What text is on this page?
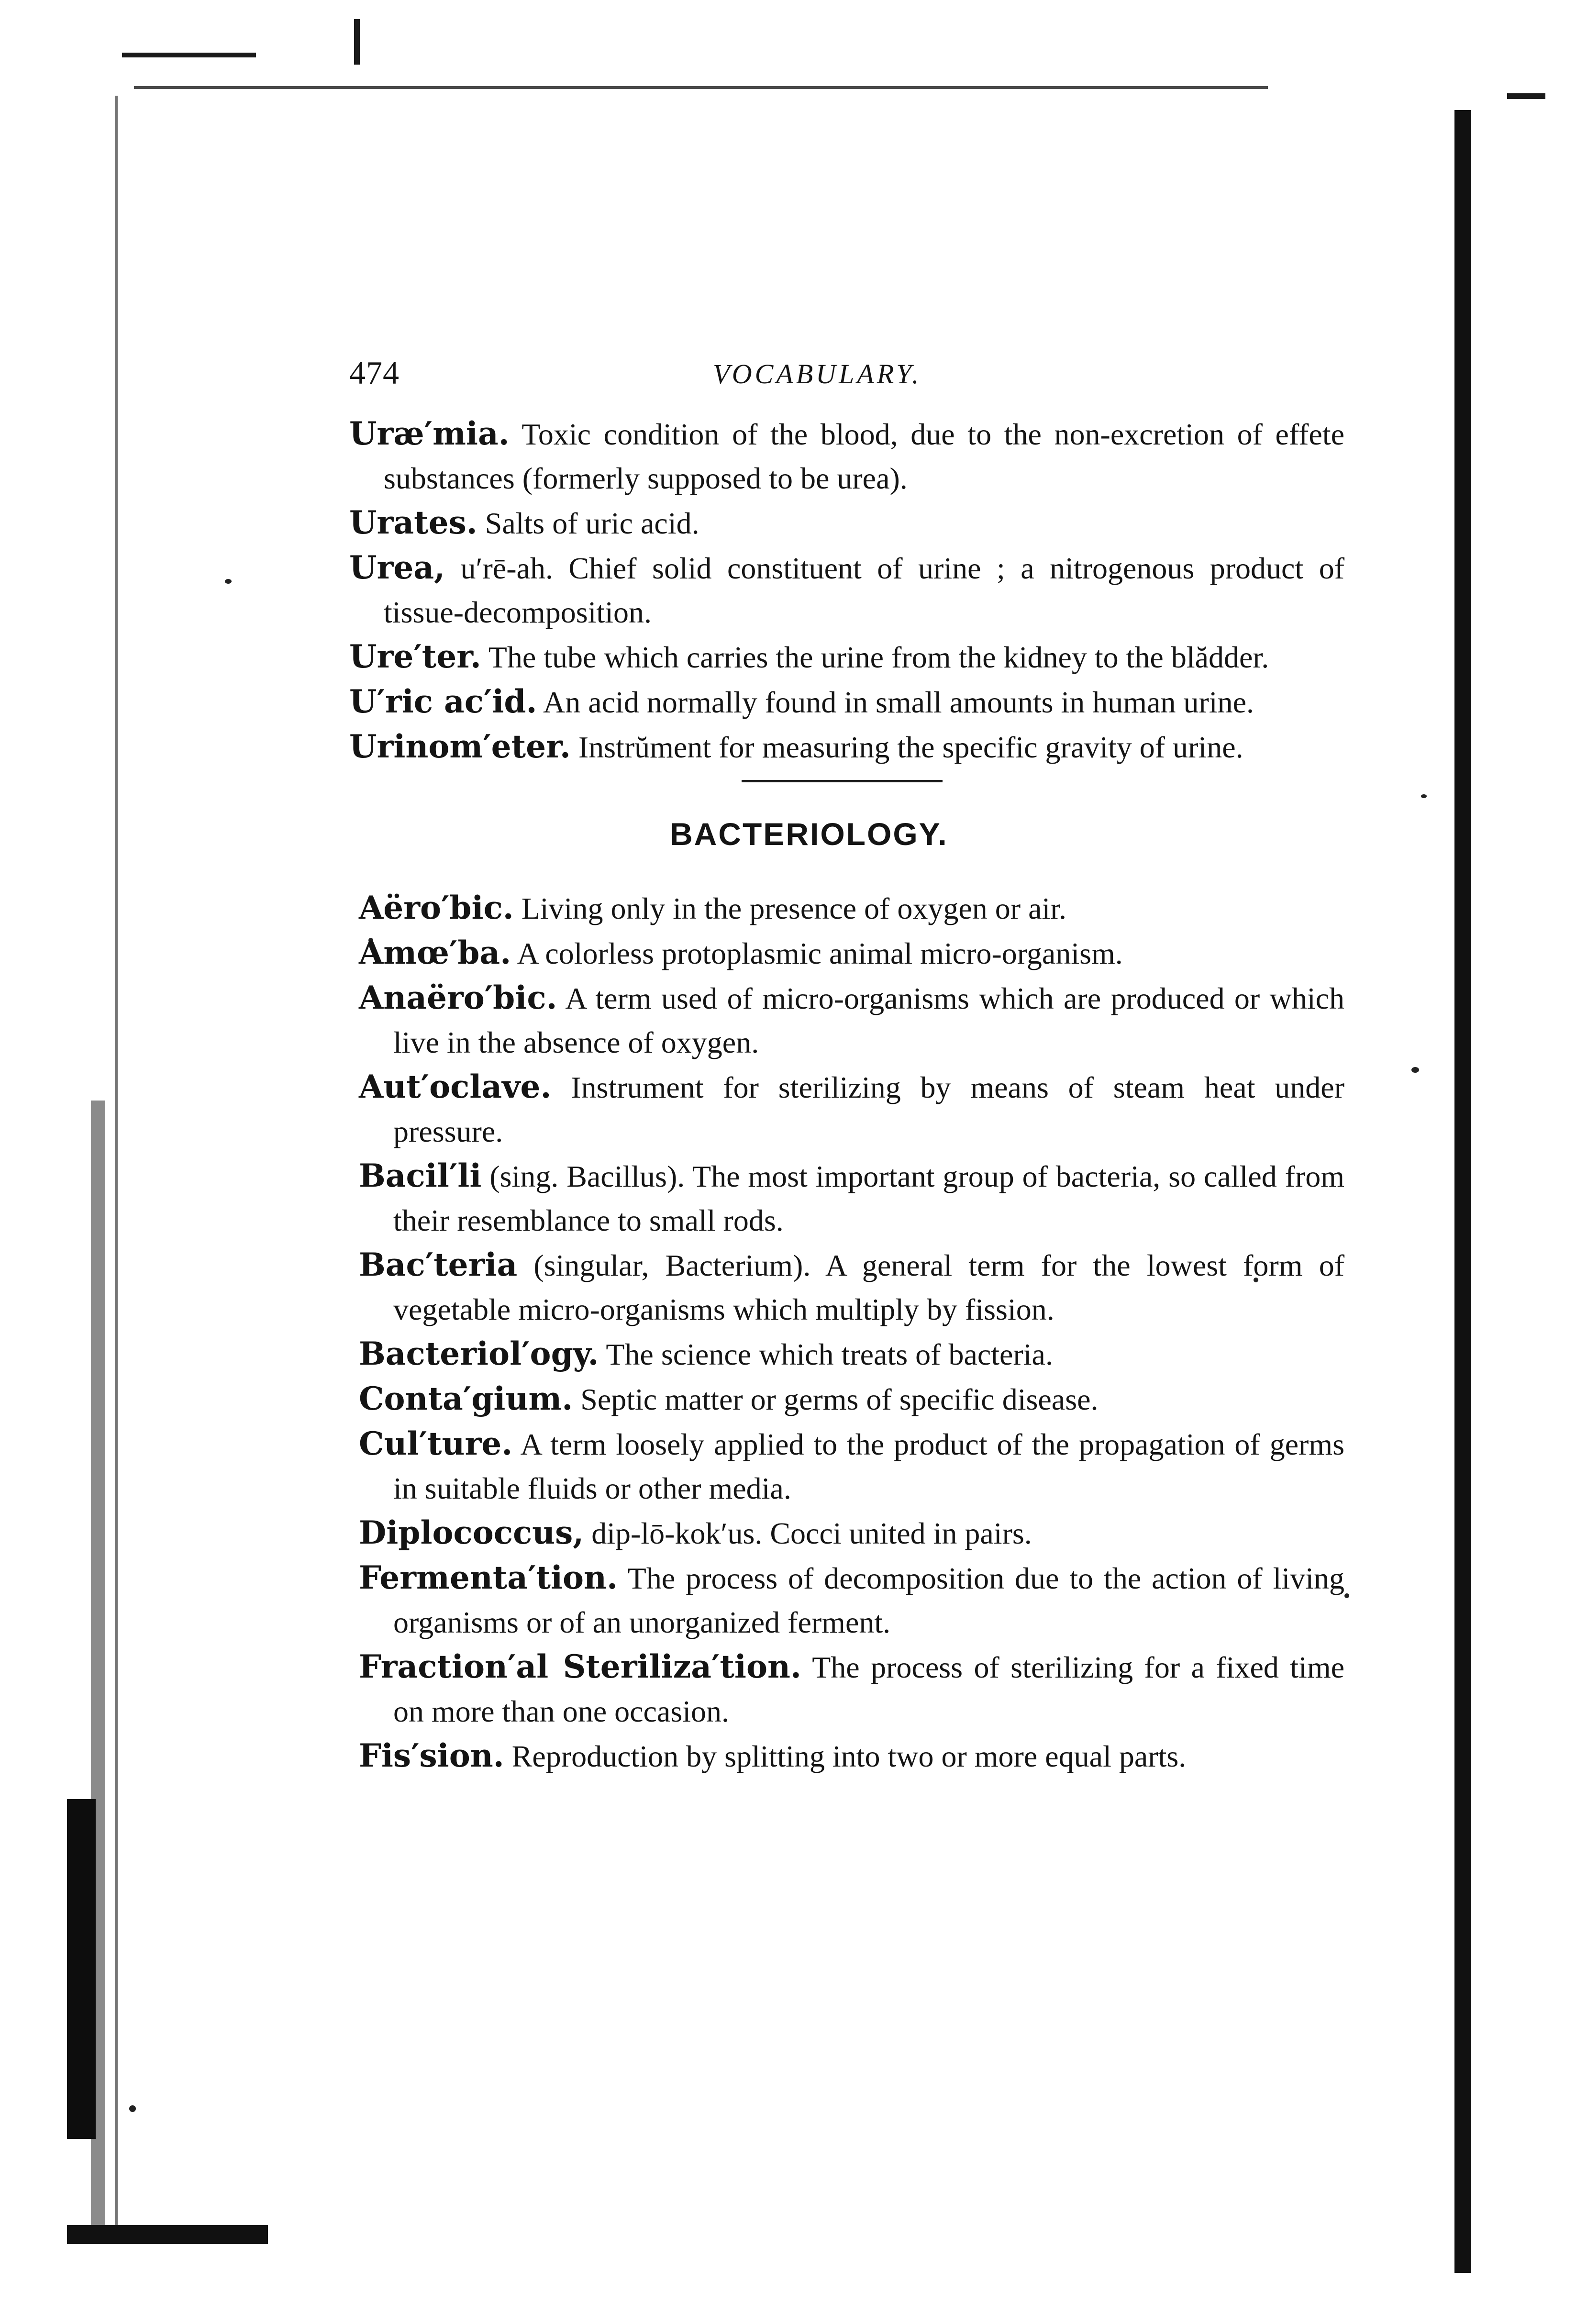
474	VOCABULARY.

Uræ′mia. Toxic condition of the blood, due to the non-excretion of effete substances (formerly supposed to be urea).

Urates. Salts of uric acid.

Urea, u′rē-ah. Chief solid constituent of urine ; a nitrogenous product of tissue-decomposition.

Ure′ter. The tube which carries the urine from the kidney to the blădder.

U′ric ac′id. An acid normally found in small amounts in human urine.

Urinom′eter. Instrŭment for measuring the specific gravity of urine.

BACTERIOLOGY.

Aëro′bic. Living only in the presence of oxygen or air.

Amœ′ba. A colorless protoplasmic animal micro-organism.

Anaëro′bic. A term used of micro-organisms which are produced or which live in the absence of oxygen.

Aut′oclave. Instrument for sterilizing by means of steam heat under pressure.

Bacil′li (sing. Bacillus). The most important group of bacteria, so called from their resemblance to small rods.

Bac′teria (singular, Bacterium). A general term for the lowest form of vegetable micro-organisms which multiply by fission.

Bacteriol′ogy. The science which treats of bacteria.

Conta′gium. Septic matter or germs of specific disease.

Cul′ture. A term loosely applied to the product of the propagation of germs in suitable fluids or other media.

Diplococcus, dip-lō-kok′us. Cocci united in pairs.

Fermenta′tion. The process of decomposition due to the action of living organisms or of an unorganized ferment.

Fraction′al Steriliza′tion. The process of sterilizing for a fixed time on more than one occasion.

Fis′sion. Reproduction by splitting into two or more equal parts.
